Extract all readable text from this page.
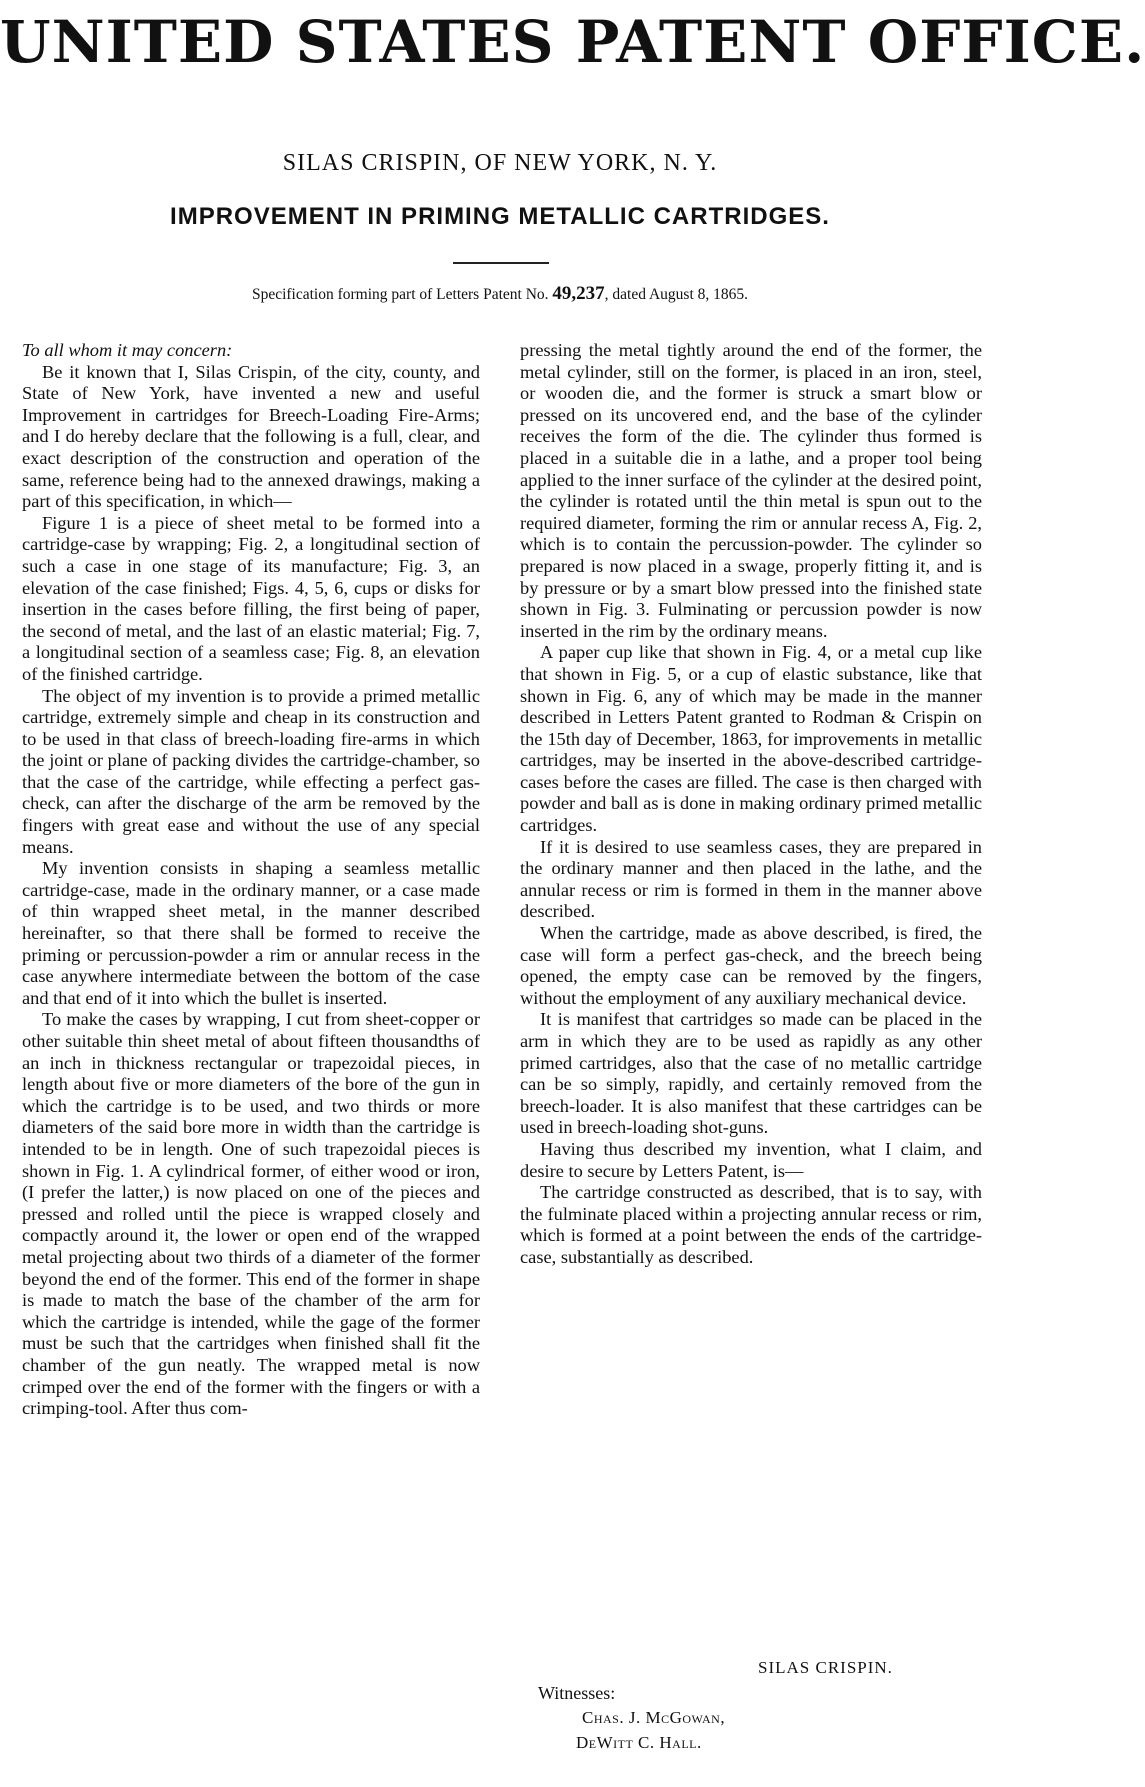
UNITED STATES PATENT OFFICE.
SILAS CRISPIN, OF NEW YORK, N. Y.
IMPROVEMENT IN PRIMING METALLIC CARTRIDGES.
Specification forming part of Letters Patent No. 49,237, dated August 8, 1865.

To all whom it may concern:

Be it known that I, Silas Crispin, of the city, county, and State of New York, have invented a new and useful Improvement in cartridges for Breech-Loading Fire-Arms; and I do hereby declare that the following is a full, clear, and exact description of the construction and operation of the same, reference being had to the annexed drawings, making a part of this specification, in which—

Figure 1 is a piece of sheet metal to be formed into a cartridge-case by wrapping; Fig. 2, a longitudinal section of such a case in one stage of its manufacture; Fig. 3, an elevation of the case finished; Figs. 4, 5, 6, cups or disks for insertion in the cases before filling, the first being of paper, the second of metal, and the last of an elastic material; Fig. 7, a longitudinal section of a seamless case; Fig. 8, an elevation of the finished cartridge.

The object of my invention is to provide a primed metallic cartridge, extremely simple and cheap in its construction and to be used in that class of breech-loading fire-arms in which the joint or plane of packing divides the cartridge-chamber, so that the case of the cartridge, while effecting a perfect gas-check, can after the discharge of the arm be removed by the fingers with great ease and without the use of any special means.

My invention consists in shaping a seamless metallic cartridge-case, made in the ordinary manner, or a case made of thin wrapped sheet metal, in the manner described hereinafter, so that there shall be formed to receive the priming or percussion-powder a rim or annular recess in the case anywhere intermediate between the bottom of the case and that end of it into which the bullet is inserted.

To make the cases by wrapping, I cut from sheet-copper or other suitable thin sheet metal of about fifteen thousandths of an inch in thickness rectangular or trapezoidal pieces, in length about five or more diameters of the bore of the gun in which the cartridge is to be used, and two thirds or more diameters of the said bore more in width than the cartridge is intended to be in length. One of such trapezoidal pieces is shown in Fig. 1. A cylindrical former, of either wood or iron, (I prefer the latter,) is now placed on one of the pieces and pressed and rolled until the piece is wrapped closely and compactly around it, the lower or open end of the wrapped metal projecting about two thirds of a diameter of the former beyond the end of the former. This end of the former in shape is made to match the base of the chamber of the arm for which the cartridge is intended, while the gage of the former must be such that the cartridges when finished shall fit the chamber of the gun neatly. The wrapped metal is now crimped over the end of the former with the fingers or with a crimping-tool. After thus com-

pressing the metal tightly around the end of the former, the metal cylinder, still on the former, is placed in an iron, steel, or wooden die, and the former is struck a smart blow or pressed on its uncovered end, and the base of the cylinder receives the form of the die. The cylinder thus formed is placed in a suitable die in a lathe, and a proper tool being applied to the inner surface of the cylinder at the desired point, the cylinder is rotated until the thin metal is spun out to the required diameter, forming the rim or annular recess A, Fig. 2, which is to contain the percussion-powder. The cylinder so prepared is now placed in a swage, properly fitting it, and is by pressure or by a smart blow pressed into the finished state shown in Fig. 3. Fulminating or percussion powder is now inserted in the rim by the ordinary means.

A paper cup like that shown in Fig. 4, or a metal cup like that shown in Fig. 5, or a cup of elastic substance, like that shown in Fig. 6, any of which may be made in the manner described in Letters Patent granted to Rodman & Crispin on the 15th day of December, 1863, for improvements in metallic cartridges, may be inserted in the above-described cartridge-cases before the cases are filled. The case is then charged with powder and ball as is done in making ordinary primed metallic cartridges.

If it is desired to use seamless cases, they are prepared in the ordinary manner and then placed in the lathe, and the annular recess or rim is formed in them in the manner above described.

When the cartridge, made as above described, is fired, the case will form a perfect gas-check, and the breech being opened, the empty case can be removed by the fingers, without the employment of any auxiliary mechanical device.

It is manifest that cartridges so made can be placed in the arm in which they are to be used as rapidly as any other primed cartridges, also that the case of no metallic cartridge can be so simply, rapidly, and certainly removed from the breech-loader. It is also manifest that these cartridges can be used in breech-loading shot-guns.

Having thus described my invention, what I claim, and desire to secure by Letters Patent, is—

The cartridge constructed as described, that is to say, with the fulminate placed within a projecting annular recess or rim, which is formed at a point between the ends of the cartridge-case, substantially as described.

SILAS CRISPIN.
Witnesses:
Chas. J. McGowan,
DeWitt C. Hall.
